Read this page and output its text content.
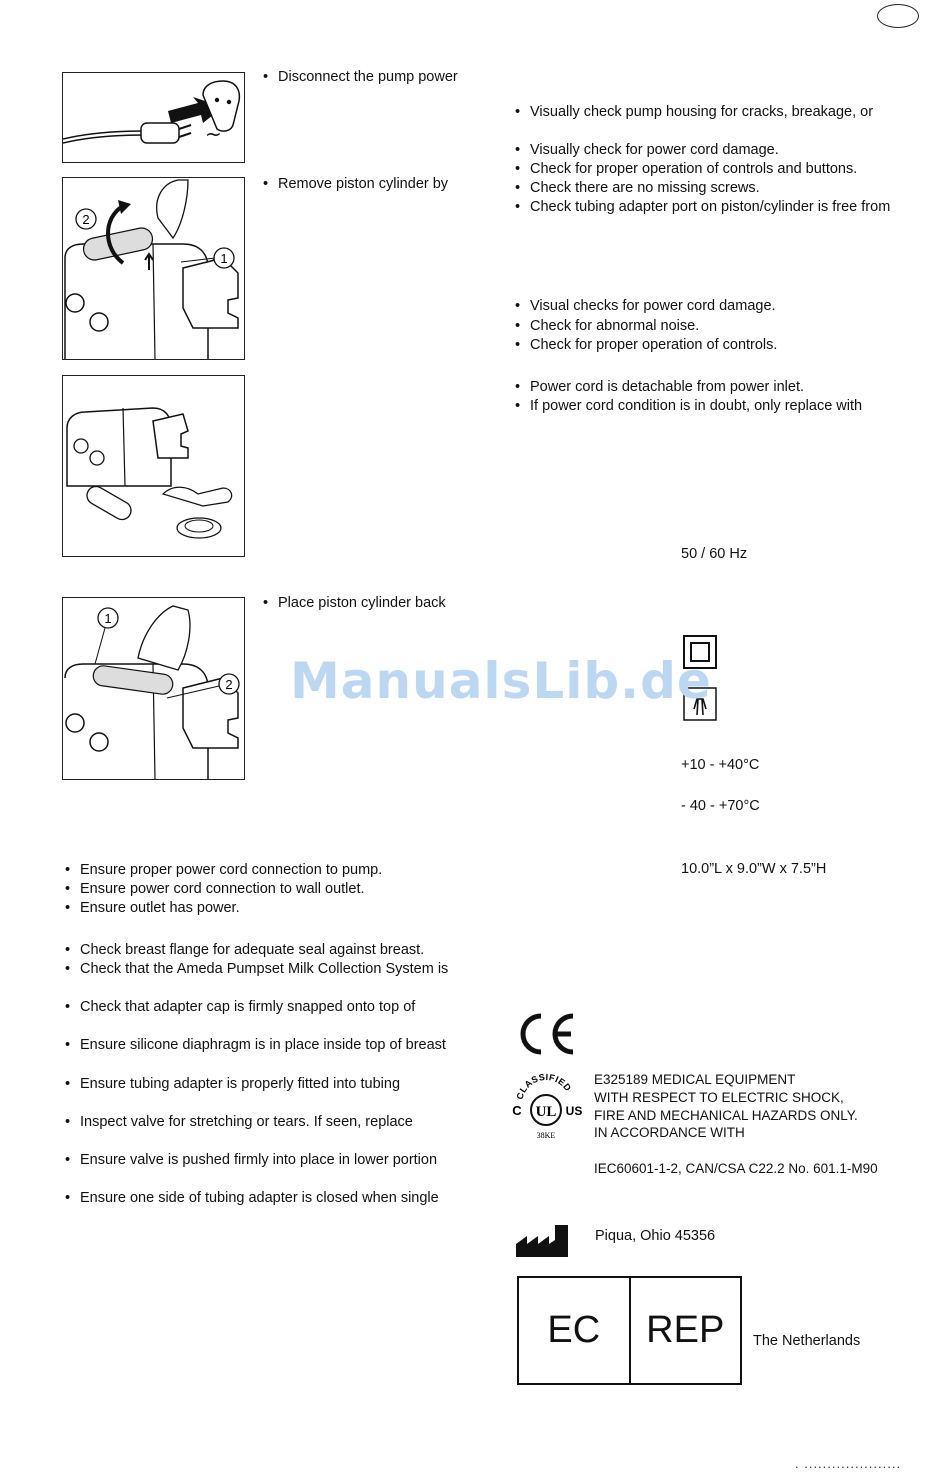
~
2
1
1
2
• Disconnect the pump power
• Remove piston cylinder by
• Place piston cylinder back
• Visually check pump housing for cracks, breakage, or
• Visually check for power cord damage.
• Check for proper operation of controls and buttons.
• Check there are no missing screws.
• Check tubing adapter port on piston/cylinder is free from
• Visual checks for power cord damage.
• Check for abnormal noise.
• Check for proper operation of controls.
• Power cord is detachable from power inlet.
• If power cord condition is in doubt, only replace with
50 / 60 Hz
+10 - +40°C
- 40 - +70°C
10.0”L x 9.0”W x 7.5”H
• Ensure proper power cord connection to pump.
• Ensure power cord connection to wall outlet.
• Ensure outlet has power.
• Check breast flange for adequate seal against breast.
• Check that the Ameda Pumpset Milk Collection System is
• Check that adapter cap is firmly snapped onto top of
• Ensure silicone diaphragm is in place inside top of breast
• Ensure tubing adapter is properly fitted into tubing
• Inspect valve for stretching or tears. If seen, replace
• Ensure valve is pushed firmly into place in lower portion
• Ensure one side of tubing adapter is closed when single
ManualsLib.de
CLASSIFIED
UL
C	US
38KE
E325189 MEDICAL EQUIPMENT
WITH RESPECT TO ELECTRIC SHOCK,
FIRE AND MECHANICAL HAZARDS ONLY.
IN ACCORDANCE WITH
IEC60601-1-2, CAN/CSA C22.2 No. 601.1-M90
Piqua, Ohio 45356
EC	REP	The Netherlands
. .....................
